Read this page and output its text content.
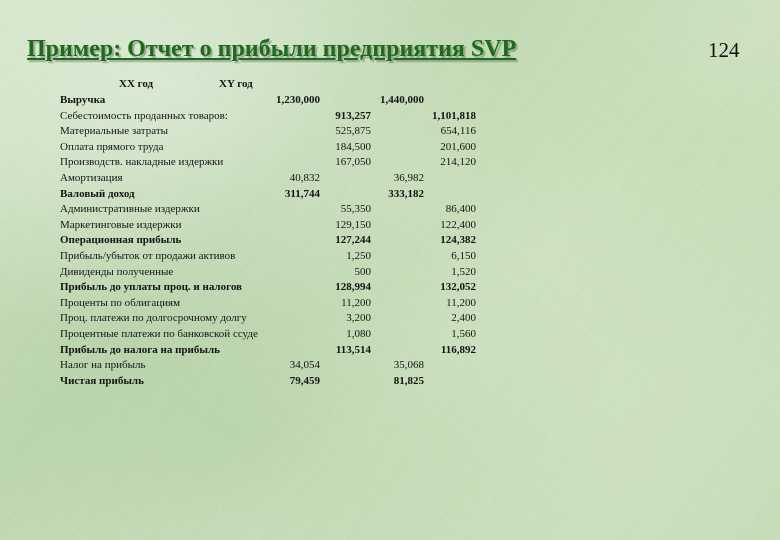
Пример: Отчет о прибыли предприятия SVP	124
XX год	XY год
Выручка	1,230,000	1,440,000
Себестоимость проданных товаров:	913,257	1,101,818
Материальные затраты	525,875	654,116
Оплата прямого труда	184,500	201,600
Производств. накладные издержки	167,050	214,120
Амортизация	40,832	36,982
Валовый доход	311,744	333,182
Административные издержки	55,350	86,400
Маркетинговые издержки	129,150	122,400
Операционная прибыль	127,244	124,382
Прибыль/убыток от продажи активов	1,250	6,150
Дивиденды полученные	500	1,520
Прибыль до уплаты проц. и налогов	128,994	132,052
Проценты по облигациям	11,200	11,200
Проц. платежи по долгосрочному долгу	3,200	2,400
Процентные платежи по банковской ссуде	1,080	1,560
Прибыль до налога на прибыль	113,514	116,892
Налог на прибыль	34,054	35,068
Чистая прибыль	79,459	81,825
